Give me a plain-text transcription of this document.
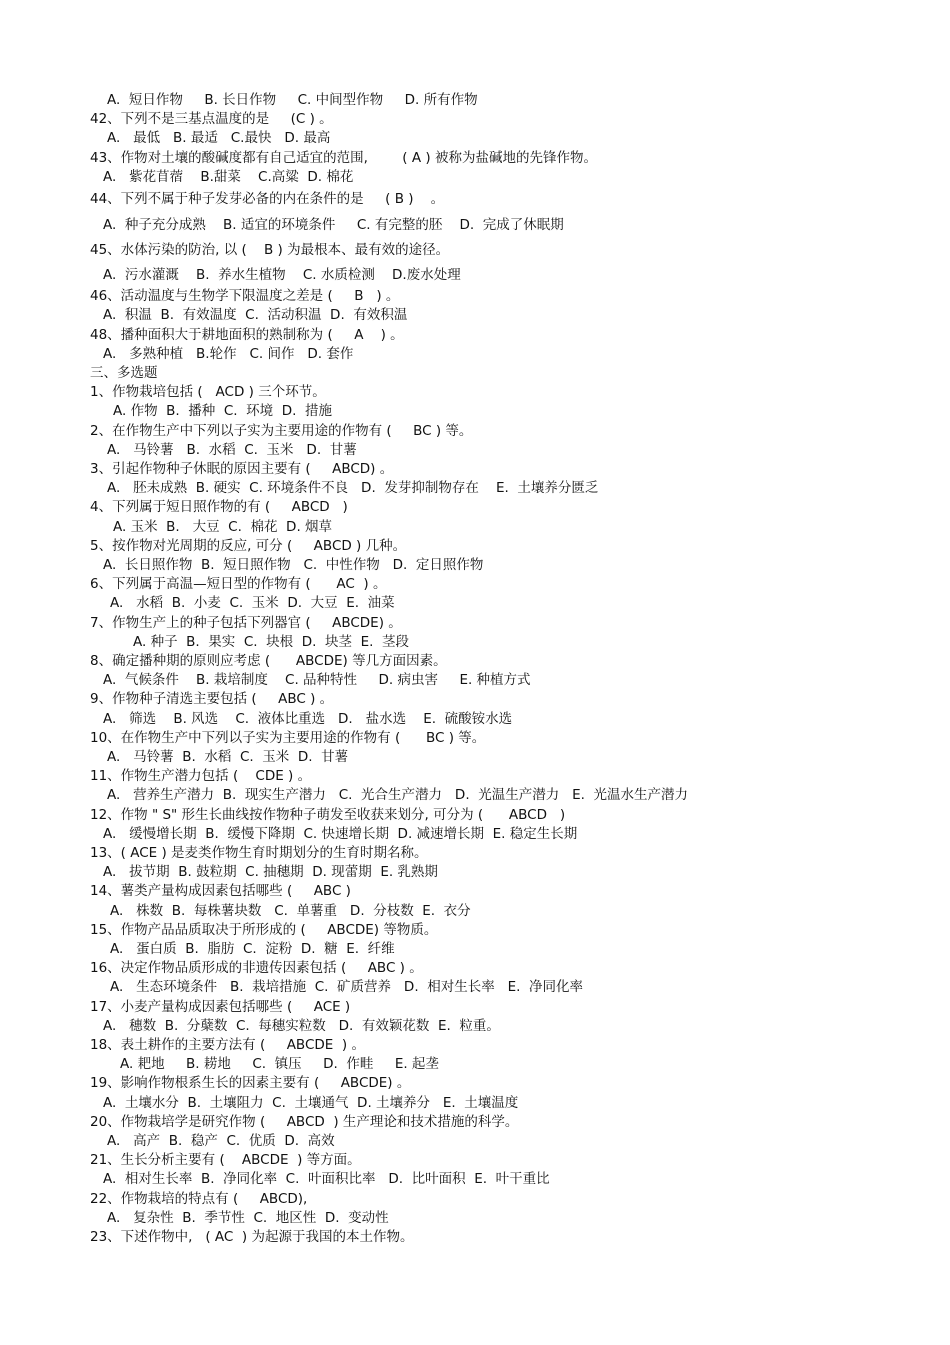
A.  短日作物     B. 长日作物     C. 中间型作物     D. 所有作物
42、下列不是三基点温度的是     (C ) 。
A.   最低   B. 最适   C.最快   D. 最高
43、作物对土壤的酸碱度都有自己适宜的范围,        ( A ) 被称为盐碱地的先锋作物。
A.   紫花苜蓿    B.甜菜    C.高粱  D. 棉花
44、下列不属于种子发芽必备的内在条件的是     ( B )    。
A.  种子充分成熟    B. 适宜的环境条件     C. 有完整的胚    D.  完成了休眠期
45、水体污染的防治, 以 (    B ) 为最根本、最有效的途径。
A.  污水灌溉    B.  养水生植物    C. 水质检测    D.废水处理
46、活动温度与生物学下限温度之差是 (     B   ) 。
A.  积温  B.  有效温度  C.  活动积温  D.  有效积温
48、播种面积大于耕地面积的熟制称为 (     A    ) 。
A.   多熟种植   B.轮作   C. 间作   D. 套作
三、多选题
1、作物栽培包括 (   ACD ) 三个环节。
A. 作物  B.  播种  C.  环境  D.  措施
2、在作物生产中下列以子实为主要用途的作物有 (     BC ) 等。
A.   马铃薯   B.  水稻  C.  玉米   D.  甘薯
3、引起作物种子休眠的原因主要有 (     ABCD) 。
A.   胚未成熟  B. 硬实  C. 环境条件不良   D.  发芽抑制物存在    E.  土壤养分匮乏
4、下列属于短日照作物的有 (     ABCD   )
A. 玉米  B.   大豆  C.  棉花  D. 烟草
5、按作物对光周期的反应, 可分 (     ABCD ) 几种。
A.  长日照作物  B.  短日照作物   C.  中性作物   D.  定日照作物
6、下列属于高温—短日型的作物有 (      AC  ) 。
A.   水稻  B.  小麦  C.  玉米  D.  大豆  E.  油菜
7、作物生产上的种子包括下列器官 (     ABCDE) 。
A. 种子  B.  果实  C.  块根  D.  块茎  E.  茎段
8、确定播种期的原则应考虑 (      ABCDE) 等几方面因素。
A.  气候条件    B. 栽培制度    C. 品种特性     D. 病虫害     E. 种植方式
9、作物种子清选主要包括 (     ABC ) 。
A.   筛选    B. 风选    C.  液体比重选   D.   盐水选    E.  硫酸铵水选
10、在作物生产中下列以子实为主要用途的作物有 (      BC ) 等。
A.   马铃薯  B.  水稻  C.  玉米  D.  甘薯
11、作物生产潜力包括 (    CDE ) 。
A.   营养生产潜力  B.  现实生产潜力   C.  光合生产潜力   D.  光温生产潜力   E.  光温水生产潜力
12、作物 " S" 形生长曲线按作物种子萌发至收获来划分, 可分为 (      ABCD   )
A.   缓慢增长期  B.  缓慢下降期  C. 快速增长期  D. 减速增长期  E. 稳定生长期
13、( ACE ) 是麦类作物生育时期划分的生育时期名称。
A.   拔节期  B. 鼓粒期  C. 抽穗期  D. 现蕾期  E. 乳熟期
14、薯类产量构成因素包括哪些 (     ABC )
A.   株数  B.  每株薯块数   C.  单薯重   D.  分枝数  E.  衣分
15、作物产品品质取决于所形成的 (     ABCDE) 等物质。
A.   蛋白质  B.  脂肪  C.  淀粉  D.  糖  E.  纤维
16、决定作物品质形成的非遗传因素包括 (     ABC ) 。
A.   生态环境条件   B.  栽培措施  C.  矿质营养   D.  相对生长率   E.  净同化率
17、小麦产量构成因素包括哪些 (     ACE )
A.   穗数  B.  分蘖数  C.  每穗实粒数   D.  有效颖花数  E.  粒重。
18、表土耕作的主要方法有 (     ABCDE  ) 。
A. 耙地     B. 耢地     C.  镇压     D.  作畦     E. 起垄
19、影响作物根系生长的因素主要有 (     ABCDE) 。
A.  土壤水分  B.  土壤阻力  C.  土壤通气  D. 土壤养分   E.  土壤温度
20、作物栽培学是研究作物 (     ABCD  ) 生产理论和技术措施的科学。
A.   高产  B.  稳产  C.  优质  D.  高效
21、生长分析主要有 (    ABCDE  ) 等方面。
A.  相对生长率  B.  净同化率  C.  叶面积比率   D.  比叶面积  E.  叶干重比
22、作物栽培的特点有 (     ABCD),
A.   复杂性  B.  季节性  C.  地区性  D.  变动性
23、下述作物中,   ( AC  ) 为起源于我国的本土作物。
